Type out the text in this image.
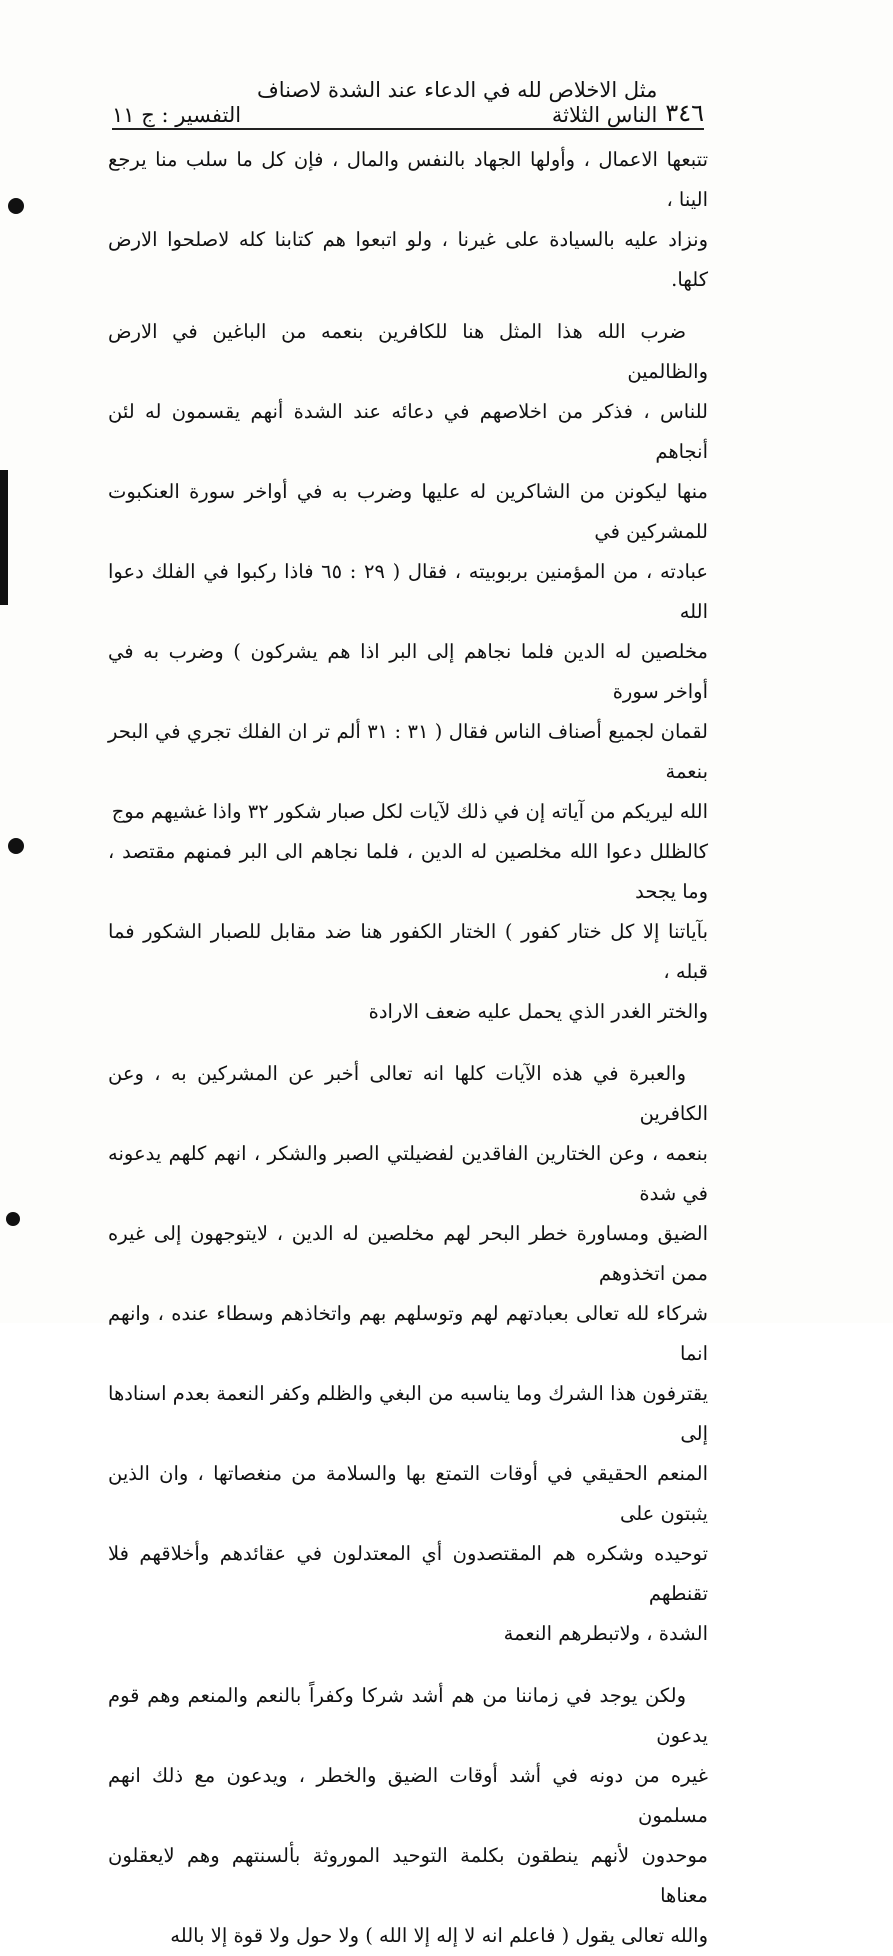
٣٤٦
مثل الاخلاص لله في الدعاء عند الشدة لاصناف الناس الثلاثة
التفسير : ج ١١

تتبعها الاعمال ، وأولها الجهاد بالنفس والمال ، فإن كل ما سلب منا يرجع الينا ،
ونزاد عليه بالسيادة على غيرنا ، ولو اتبعوا هم كتابنا كله لاصلحوا الارض كلها.

ضرب الله هذا المثل هنا للكافرين بنعمه من الباغين في الارض والظالمين
للناس ، فذكر من اخلاصهم في دعائه عند الشدة أنهم يقسمون له لئن أنجاهم
منها ليكونن من الشاكرين له عليها وضرب به في أواخر سورة العنكبوت للمشركين في
عبادته ، من المؤمنين بربوبيته ، فقال ( ٢٩ : ٦٥ فاذا ركبوا في الفلك دعوا الله
مخلصين له الدين فلما نجاهم إلى البر اذا هم يشركون ) وضرب به في أواخر سورة
لقمان لجميع أصناف الناس فقال ( ٣١ : ٣١ ألم تر ان الفلك تجري في البحر بنعمة
الله ليريكم من آياته إن في ذلك لآيات لكل صبار شكور ٣٢ واذا غشيهم موج
كالظلل دعوا الله مخلصين له الدين ، فلما نجاهم الى البر فمنهم مقتصد ، وما يجحد
بآياتنا إلا كل ختار كفور ) الختار الكفور هنا ضد مقابل للصبار الشكور فما قبله ،
والختر الغدر الذي يحمل عليه ضعف الارادة

والعبرة في هذه الآيات كلها انه تعالى أخبر عن المشركين به ، وعن الكافرين
بنعمه ، وعن الختارين الفاقدين لفضيلتي الصبر والشكر ، انهم كلهم يدعونه في شدة
الضيق ومساورة خطر البحر لهم مخلصين له الدين ، لايتوجهون إلى غيره ممن اتخذوهم
شركاء لله تعالى بعبادتهم لهم وتوسلهم بهم واتخاذهم وسطاء عنده ، وانهم انما
يقترفون هذا الشرك وما يناسبه من البغي والظلم وكفر النعمة بعدم اسنادها إلى
المنعم الحقيقي في أوقات التمتع بها والسلامة من منغصاتها ، وان الذين يثبتون على
توحيده وشكره هم المقتصدون أي المعتدلون في عقائدهم وأخلاقهم فلا تقنطهم
الشدة ، ولاتبطرهم النعمة

ولكن يوجد في زماننا من هم أشد شركا وكفراً بالنعم والمنعم وهم قوم يدعون
غيره من دونه في أشد أوقات الضيق والخطر ، ويدعون مع ذلك انهم مسلمون
موحدون لأنهم ينطقون بكلمة التوحيد الموروثة بألسنتهم وهم لايعقلون معناها
والله تعالى يقول ( فاعلم انه لا إله إلا الله ) ولا حول ولا قوة إلا بالله
